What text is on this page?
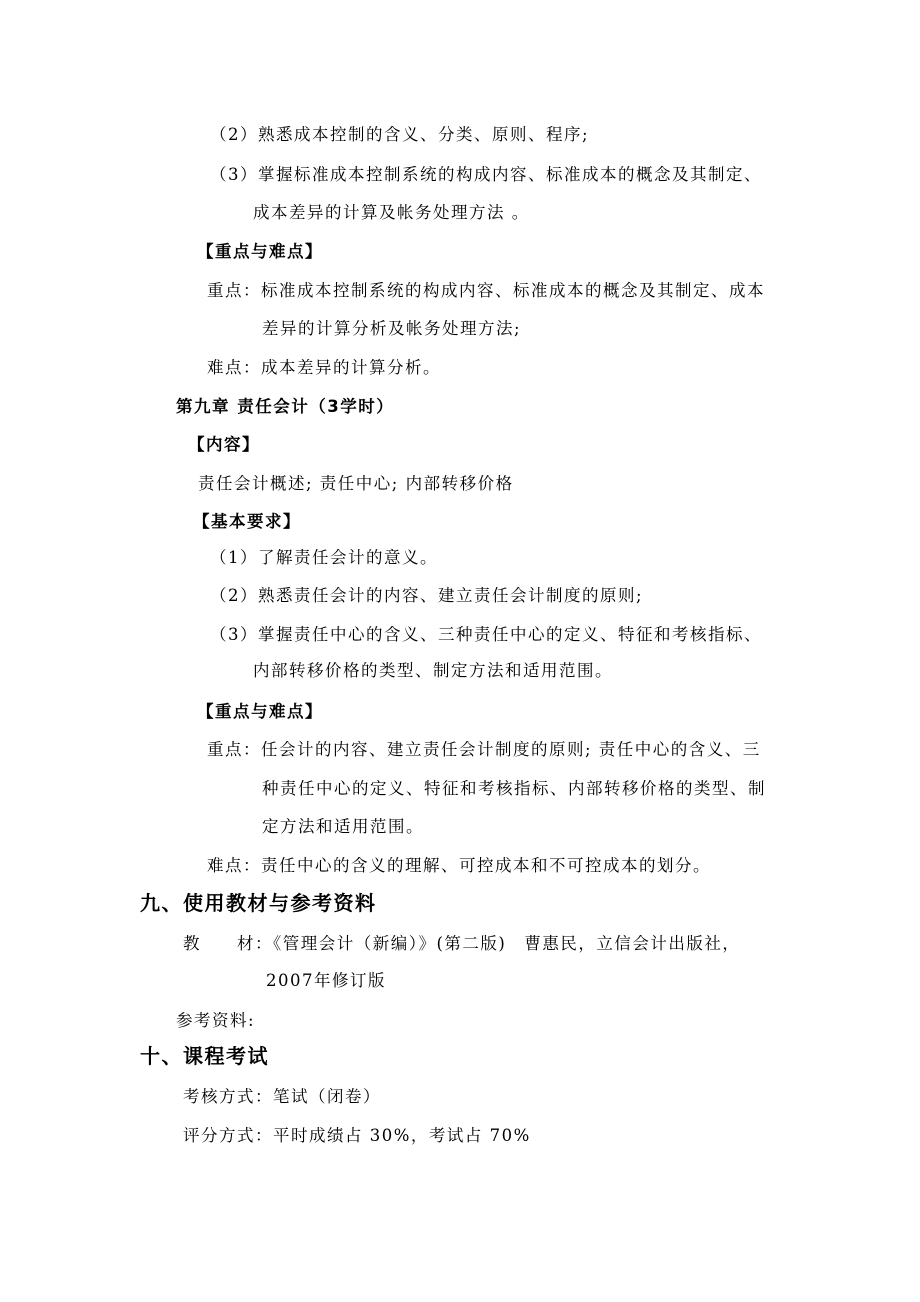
（2）熟悉成本控制的含义、分类、原则、程序;
（3）掌握标准成本控制系统的构成内容、标准成本的概念及其制定、
成本差异的计算及帐务处理方法 。
【重点与难点】
重点：标准成本控制系统的构成内容、标准成本的概念及其制定、成本
差异的计算分析及帐务处理方法;
难点：成本差异的计算分析。
第九章 责任会计（3学时）
【内容】
责任会计概述; 责任中心; 内部转移价格
【基本要求】
（1）了解责任会计的意义。
（2）熟悉责任会计的内容、建立责任会计制度的原则;
（3）掌握责任中心的含义、三种责任中心的定义、特征和考核指标、
内部转移价格的类型、制定方法和适用范围。
【重点与难点】
重点：任会计的内容、建立责任会计制度的原则; 责任中心的含义、三
种责任中心的定义、特征和考核指标、内部转移价格的类型、制
定方法和适用范围。
难点：责任中心的含义的理解、可控成本和不可控成本的划分。
九、使用教材与参考资料
教　　材：《管理会计（新编）》(第二版)　曹惠民，立信会计出版社，
2007年修订版
参考资料:
十、课程考试
考核方式：笔试（闭卷）
评分方式：平时成绩占 30%，考试占 70%
